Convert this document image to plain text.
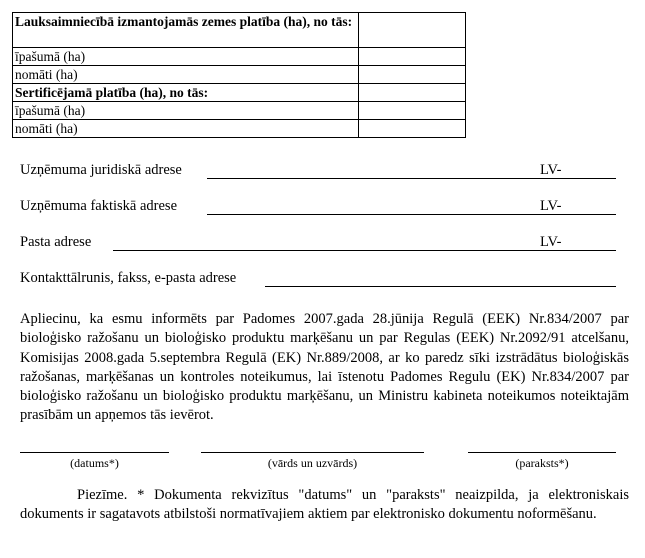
Lauksaimniecībā izmantojamās zemes platība (ha), no tās:	
īpašumā (ha)	
nomāti (ha)	
Sertificējamā platība (ha), no tās:	
īpašumā (ha)	
nomāti (ha)	
Uzņēmuma juridiskā adrese	LV-
Uzņēmuma faktiskā adrese	LV-
Pasta adrese	LV-
Kontakttālrunis, fakss, e-pasta adrese
Apliecinu, ka esmu informēts par Padomes 2007.gada 28.jūnija Regulā (EEK) Nr.834/2007 par bioloģisko ražošanu un bioloģisko produktu marķēšanu un par Regulas (EEK) Nr.2092/91 atcelšanu, Komisijas 2008.gada 5.septembra Regulā (EK) Nr.889/2008, ar ko paredz sīki izstrādātus bioloģiskās ražošanas, marķēšanas un kontroles noteikumus, lai īstenotu Padomes Regulu (EK) Nr.834/2007 par bioloģisko ražošanu un bioloģisko produktu marķēšanu, un Ministru kabineta noteikumos noteiktajām prasībām un apņemos tās ievērot.
(datums*)	(vārds un uzvārds)	(paraksts*)
Piezīme. * Dokumenta rekvizītus "datums" un "paraksts" neaizpilda, ja elektroniskais dokuments ir sagatavots atbilstoši normatīvajiem aktiem par elektronisko dokumentu noformēšanu.
